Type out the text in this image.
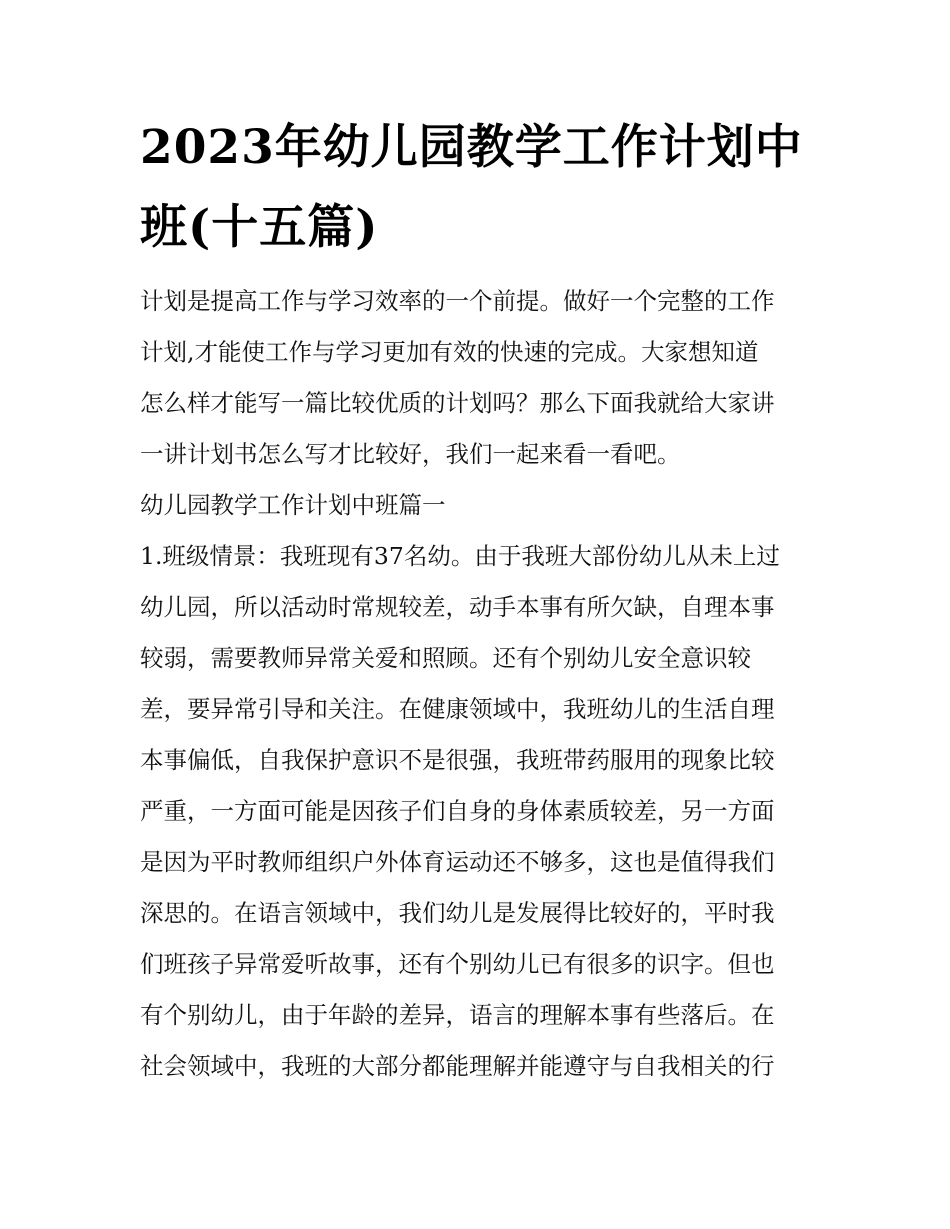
2023年幼儿园教学工作计划中
班(十五篇)
计划是提高工作与学习效率的一个前提。做好一个完整的工作
计划,才能使工作与学习更加有效的快速的完成。大家想知道
怎么样才能写一篇比较优质的计划吗？那么下面我就给大家讲
一讲计划书怎么写才比较好，我们一起来看一看吧。
幼儿园教学工作计划中班篇一
1.班级情景：我班现有37名幼。由于我班大部份幼儿从未上过
幼儿园，所以活动时常规较差，动手本事有所欠缺，自理本事
较弱，需要教师异常关爱和照顾。还有个别幼儿安全意识较
差，要异常引导和关注。在健康领域中，我班幼儿的生活自理
本事偏低，自我保护意识不是很强，我班带药服用的现象比较
严重，一方面可能是因孩子们自身的身体素质较差，另一方面
是因为平时教师组织户外体育运动还不够多，这也是值得我们
深思的。在语言领域中，我们幼儿是发展得比较好的，平时我
们班孩子异常爱听故事，还有个别幼儿已有很多的识字。但也
有个别幼儿，由于年龄的差异，语言的理解本事有些落后。在
社会领域中，我班的大部分都能理解并能遵守与自我相关的行
